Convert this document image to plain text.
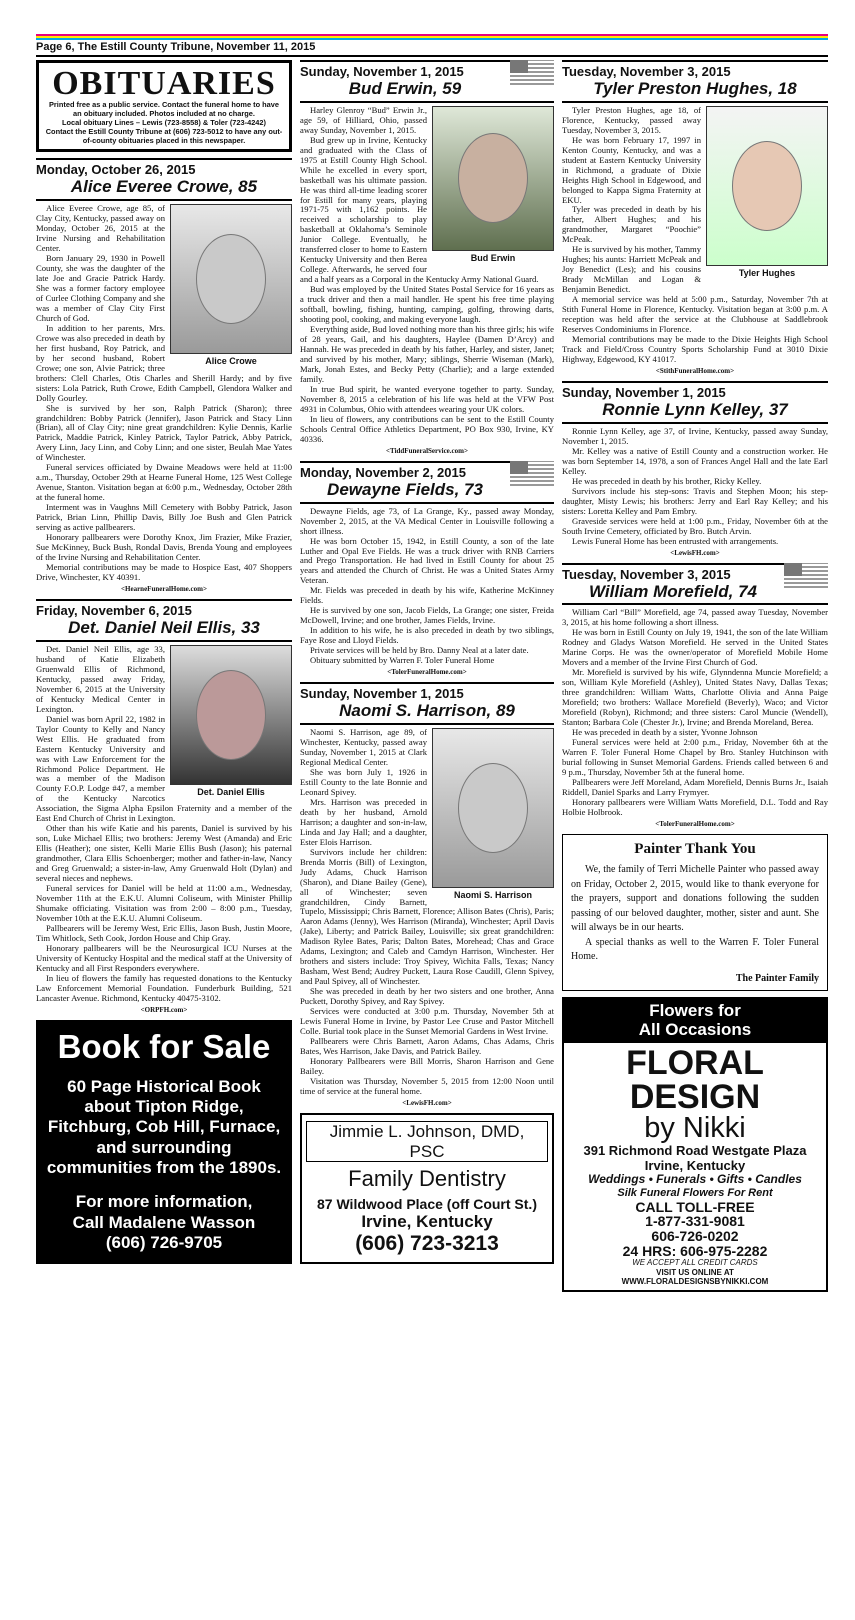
Page 6, The Estill County Tribune, November 11, 2015
OBITUARIES

Printed free as a public service. Contact the funeral home to have an obituary included. Photos included at no charge.

Local obituary Lines – Lewis (723-8558) & Toler (723-4242)

Contact the Estill County Tribune at (606) 723-5012 to have any out-of-county obituaries placed in this newspaper.

Monday, October 26, 2015
Alice Everee Crowe, 85
Alice Crowe

Alice Everee Crowe, age 85, of Clay City, Kentucky, passed away on Monday, October 26, 2015 at the Irvine Nursing and Rehabilitation Center.

Born January 29, 1930 in Powell County, she was the daughter of the late Joe and Gracie Patrick Hardy. She was a former factory employee of Curlee Clothing Company and she was a member of Clay City First Church of God.

In addition to her parents, Mrs. Crowe was also preceded in death by her first husband, Roy Patrick, and by her second husband, Robert Crowe; one son, Alvie Patrick; three brothers: Clell Charles, Otis Charles and Sherill Hardy; and by five sisters: Lola Patrick, Ruth Crowe, Edith Campbell, Glendora Walker and Dolly Gourley.

She is survived by her son, Ralph Patrick (Sharon); three grandchildren: Bobby Patrick (Jennifer), Jason Patrick and Stacy Linn (Brian), all of Clay City; nine great grandchildren: Kylie Dennis, Karlie Patrick, Maddie Patrick, Kinley Patrick, Taylor Patrick, Abby Patrick, Avery Linn, Jacy Linn, and Coby Linn; and one sister, Beulah Mae Yates of Winchester.

Funeral services officiated by Dwaine Meadows were held at 11:00 a.m., Thursday, October 29th at Hearne Funeral Home, 125 West College Avenue, Stanton. Visitation began at 6:00 p.m., Wednesday, October 28th at the funeral home.

Interment was in Vaughns Mill Cemetery with Bobby Patrick, Jason Patrick, Brian Linn, Phillip Davis, Billy Joe Bush and Glen Patrick serving as active pallbearers.

Honorary pallbearers were Dorothy Knox, Jim Frazier, Mike Frazier, Sue McKinney, Buck Bush, Rondal Davis, Brenda Young and employees of the Irvine Nursing and Rehabilitation Center.

Memorial contributions may be made to Hospice East, 407 Shoppers Drive, Winchester, KY 40391.

<HearneFuneralHome.com>
Friday, November 6, 2015
Det. Daniel Neil Ellis, 33
Det. Daniel Ellis

Det. Daniel Neil Ellis, age 33, husband of Katie Elizabeth Gruenwald Ellis of Richmond, Kentucky, passed away Friday, November 6, 2015 at the University of Kentucky Medical Center in Lexington.

Daniel was born April 22, 1982 in Taylor County to Kelly and Nancy West Ellis. He graduated from Eastern Kentucky University and was with Law Enforcement for the Richmond Police Department. He was a member of the Madison County F.O.P. Lodge #47, a member of the Kentucky Narcotics Association, the Sigma Alpha Epsilon Fraternity and a member of the East End Church of Christ in Lexington.

Other than his wife Katie and his parents, Daniel is survived by his son, Luke Michael Ellis; two brothers: Jeremy West (Amanda) and Eric Ellis (Heather); one sister, Kelli Marie Ellis Bush (Jason); his paternal grandmother, Clara Ellis Schoenberger; mother and father-in-law, Nancy and Greg Gruenwald; a sister-in-law, Amy Gruenwald Holt (Dylan) and several nieces and nephews.

Funeral services for Daniel will be held at 11:00 a.m., Wednesday, November 11th at the E.K.U. Alumni Coliseum, with Minister Phillip Shumake officiating. Visitation was from 2:00 – 8:00 p.m., Tuesday, November 10th at the E.K.U. Alumni Coliseum.

Pallbearers will be Jeremy West, Eric Ellis, Jason Bush, Justin Moore, Tim Whitlock, Seth Cook, Jordon House and Chip Gray.

Honorary pallbearers will be the Neurosurgical ICU Nurses at the University of Kentucky Hospital and the medical staff at the University of Kentucky and all First Responders everywhere.

In lieu of flowers the family has requested donations to the Kentucky Law Enforcement Memorial Foundation. Funderburk Building, 521 Lancaster Avenue. Richmond, Kentucky 40475-3102.

<ORPFH.com>
Book for Sale
60 Page Historical Book about Tipton Ridge, Fitchburg, Cob Hill, Furnace, and surrounding communities from the 1890s.
For more information,
Call Madalene Wasson
(606) 726-9705
Sunday, November 1, 2015
Bud Erwin, 59
Bud Erwin

Harley Glenroy “Bud” Erwin Jr., age 59, of Hilliard, Ohio, passed away Sunday, November 1, 2015.

Bud grew up in Irvine, Kentucky and graduated with the Class of 1975 at Estill County High School. While he excelled in every sport, basketball was his ultimate passion. He was third all-time leading scorer for Estill for many years, playing 1971-75 with 1,162 points. He received a scholarship to play basketball at Oklahoma’s Seminole Junior College. Eventually, he transferred closer to home to Eastern Kentucky University and then Berea College. Afterwards, he served four and a half years as a Corporal in the Kentucky Army National Guard.

Bud was employed by the United States Postal Service for 16 years as a truck driver and then a mail handler. He spent his free time playing softball, bowling, fishing, hunting, camping, golfing, throwing darts, shooting pool, cooking, and making everyone laugh.

Everything aside, Bud loved nothing more than his three girls; his wife of 28 years, Gail, and his daughters, Haylee (Damen D’Arcy) and Hannah. He was preceded in death by his father, Harley, and sister, Janet; and survived by his mother, Mary; siblings, Sherrie Wiseman (Mark), Mark, Jonah Estes, and Becky Petty (Charlie); and a large extended family.

In true Bud spirit, he wanted everyone together to party. Sunday, November 8, 2015 a celebration of his life was held at the VFW Post 4931 in Columbus, Ohio with attendees wearing your UK colors.

In lieu of flowers, any contributions can be sent to the Estill County Schools Central Office Athletics Department, PO Box 930, Irvine, KY 40336.

<TiddFuneralService.com>
Monday, November 2, 2015
Dewayne Fields, 73

Dewayne Fields, age 73, of La Grange, Ky., passed away Monday, November 2, 2015, at the VA Medical Center in Louisville following a short illness.

He was born October 15, 1942, in Estill County, a son of the late Luther and Opal Eve Fields. He was a truck driver with RNB Carriers and Prego Transportation. He had lived in Estill County for about 25 years and attended the Church of Christ. He was a United States Army Veteran.

Mr. Fields was preceded in death by his wife, Katherine McKinney Fields.

He is survived by one son, Jacob Fields, La Grange; one sister, Freida McDowell, Irvine; and one brother, James Fields, Irvine.

In addition to his wife, he is also preceded in death by two siblings, Faye Rose and Lloyd Fields.

Private services will be held by Bro. Danny Neal at a later date.

Obituary submitted by Warren F. Toler Funeral Home

<TolerFuneralHome.com>
Sunday, November 1, 2015
Naomi S. Harrison, 89
Naomi S. Harrison

Naomi S. Harrison, age 89, of Winchester, Kentucky, passed away Sunday, November 1, 2015 at Clark Regional Medical Center.

She was born July 1, 1926 in Estill County to the late Bonnie and Leonard Spivey.

Mrs. Harrison was preceded in death by her husband, Arnold Harrison; a daughter and son-in-law, Linda and Jay Hall; and a daughter, Ester Elois Harrison.

Survivors include her children: Brenda Morris (Bill) of Lexington, Judy Adams, Chuck Harrison (Sharon), and Diane Bailey (Gene), all of Winchester; seven grandchildren, Cindy Barnett, Tupelo, Mississippi; Chris Barnett, Florence; Allison Bates (Chris), Paris; Aaron Adams (Jenny), Wes Harrison (Miranda), Winchester; April Davis (Jake), Liberty; and Patrick Bailey, Louisville; six great grandchildren: Madison Rylee Bates, Paris; Dalton Bates, Morehead; Chas and Grace Adams, Lexington; and Caleb and Camdyn Harrison, Winchester. Her brothers and sisters include: Troy Spivey, Wichita Falls, Texas; Nancy Basham, West Bend; Audrey Puckett, Laura Rose Caudill, Glenn Spivey, and Paul Spivey, all of Winchester.

She was preceded in death by her two sisters and one brother, Anna Puckett, Dorothy Spivey, and Ray Spivey.

Services were conducted at 3:00 p.m. Thursday, November 5th at Lewis Funeral Home in Irvine, by Pastor Lee Cruse and Pastor Mitchell Colle. Burial took place in the Sunset Memorial Gardens in West Irvine.

Pallbearers were Chris Barnett, Aaron Adams, Chas Adams, Chris Bates, Wes Harrison, Jake Davis, and Patrick Bailey.

Honorary Pallbearers were Bill Morris, Sharon Harrison and Gene Bailey.

Visitation was Thursday, November 5, 2015 from 12:00 Noon until time of service at the funeral home.

<LewisFH.com>
Jimmie L. Johnson, DMD, PSC
Family Dentistry
87 Wildwood Place (off Court St.)
Irvine, Kentucky
(606) 723-3213
Tuesday, November 3, 2015
Tyler Preston Hughes, 18
Tyler Hughes

Tyler Preston Hughes, age 18, of Florence, Kentucky, passed away Tuesday, November 3, 2015.

He was born February 17, 1997 in Kenton County, Kentucky, and was a student at Eastern Kentucky University in Richmond, a graduate of Dixie Heights High School in Edgewood, and belonged to Kappa Sigma Fraternity at EKU.

Tyler was preceded in death by his father, Albert Hughes; and his grandmother, Margaret “Poochie” McPeak.

He is survived by his mother, Tammy Hughes; his aunts: Harriett McPeak and Joy Benedict (Les); and his cousins Brady McMillan and Logan & Benjamin Benedict.

A memorial service was held at 5:00 p.m., Saturday, November 7th at Stith Funeral Home in Florence, Kentucky. Visitation began at 3:00 p.m. A reception was held after the service at the Clubhouse at Saddlebrook Reserves Condominiums in Florence.

Memorial contributions may be made to the Dixie Heights High School Track and Field/Cross Country Sports Scholarship Fund at 3010 Dixie Highway, Edgewood, KY 41017.

<StithFuneralHome.com>
Sunday, November 1, 2015
Ronnie Lynn Kelley, 37

Ronnie Lynn Kelley, age 37, of Irvine, Kentucky, passed away Sunday, November 1, 2015.

Mr. Kelley was a native of Estill County and a construction worker. He was born September 14, 1978, a son of Frances Angel Hall and the late Earl Kelley.

He was preceded in death by his brother, Ricky Kelley.

Survivors include his step-sons: Travis and Stephen Moon; his step-daughter, Misty Lewis; his brothers: Jerry and Earl Ray Kelley; and his sisters: Loretta Kelley and Pam Embry.

Graveside services were held at 1:00 p.m., Friday, November 6th at the South Irvine Cemetery, officiated by Bro. Butch Arvin.

Lewis Funeral Home has been entrusted with arrangements.

<LewisFH.com>
Tuesday, November 3, 2015
William Morefield, 74

William Carl “Bill” Morefield, age 74, passed away Tuesday, November 3, 2015, at his home following a short illness.

He was born in Estill County on July 19, 1941, the son of the late William Rodney and Gladys Watson Morefield. He served in the United States Marine Corps. He was the owner/operator of Morefield Mobile Home Movers and a member of the Irvine First Church of God.

Mr. Morefield is survived by his wife, Glynndenna Muncie Morefield; a son, William Kyle Morefield (Ashley), United States Navy, Dallas Texas; three grandchildren: William Watts, Charlotte Olivia and Anna Paige Morefield; two brothers: Wallace Morefield (Beverly), Waco; and Victor Morefield (Robyn), Richmond; and three sisters: Carol Muncie (Wendell), Stanton; Barbara Cole (Chester Jr.), Irvine; and Brenda Moreland, Berea.

He was preceded in death by a sister, Yvonne Johnson

Funeral services were held at 2:00 p.m., Friday, November 6th at the Warren F. Toler Funeral Home Chapel by Bro. Stanley Hutchinson with burial following in Sunset Memorial Gardens. Friends called between 6 and 9 p.m., Thursday, November 5th at the funeral home.

Pallbearers were Jeff Moreland, Adam Morefield, Dennis Burns Jr., Isaiah Riddell, Daniel Sparks and Larry Frymyer.

Honorary pallbearers were William Watts Morefield, D.L. Todd and Ray Holbie Holbrook.

<TolerFuneralHome.com>
Painter Thank You

We, the family of Terri Michelle Painter who passed away on Friday, October 2, 2015, would like to thank everyone for the prayers, support and donations following the sudden passing of our beloved daughter, mother, sister and aunt. She will always be in our hearts.

A special thanks as well to the Warren F. Toler Funeral Home.

The Painter Family
Flowers for
All Occasions
FLORAL DESIGN
by Nikki
391 Richmond Road Westgate Plaza
Irvine, Kentucky
Weddings • Funerals • Gifts • Candles
Silk Funeral Flowers For Rent
CALL TOLL-FREE
1-877-331-9081
606-726-0202
24 HRS: 606-975-2282
WE ACCEPT ALL CREDIT CARDS
VISIT US ONLINE AT
WWW.FLORALDESIGNSBYNIKKI.COM
